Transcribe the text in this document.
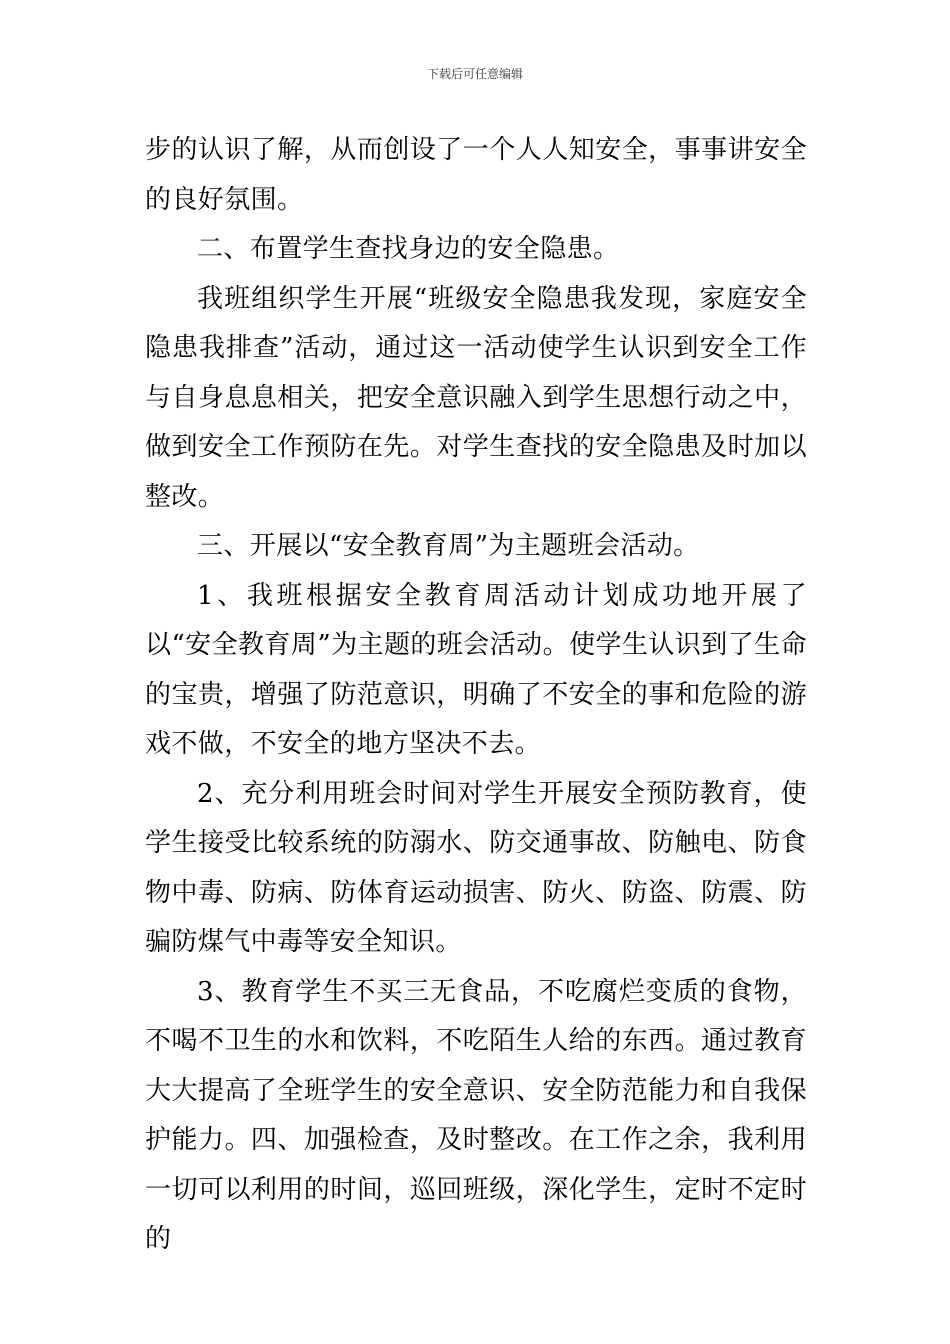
下载后可任意编辑

步的认识了解，从而创设了一个人人知安全，事事讲安全的良好氛围。

二、布置学生查找身边的安全隐患。

我班组织学生开展“班级安全隐患我发现，家庭安全隐患我排查”活动，通过这一活动使学生认识到安全工作与自身息息相关，把安全意识融入到学生思想行动之中，做到安全工作预防在先。对学生查找的安全隐患及时加以整改。

三、开展以“安全教育周”为主题班会活动。

1、我班根据安全教育周活动计划成功地开展了以“安全教育周”为主题的班会活动。使学生认识到了生命的宝贵，增强了防范意识，明确了不安全的事和危险的游戏不做，不安全的地方坚决不去。

2、充分利用班会时间对学生开展安全预防教育，使学生接受比较系统的防溺水、防交通事故、防触电、防食物中毒、防病、防体育运动损害、防火、防盗、防震、防骗防煤气中毒等安全知识。

3、教育学生不买三无食品，不吃腐烂变质的食物，不喝不卫生的水和饮料，不吃陌生人给的东西。通过教育大大提高了全班学生的安全意识、安全防范能力和自我保护能力。四、加强检查，及时整改。在工作之余，我利用一切可以利用的时间，巡回班级，深化学生，定时不定时的
